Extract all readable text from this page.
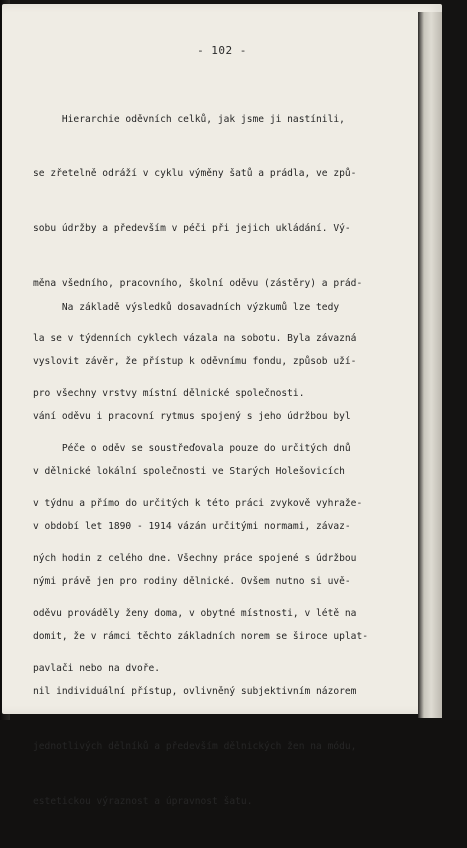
- 102 -

Hierarchie oděvních celků, jak jsme ji nastínili,

se zřetelně odráží v cyklu výměny šatů a prádla, ve způ-

sobu údržby a především v péči při jejich ukládání. Vý-

měna všedního, pracovního, školní oděvu (zástěry) a prád-

la se v týdenních cyklech vázala na sobotu. Byla závazná

pro všechny vrstvy místní dělnické společnosti.

Péče o oděv se soustřeďovala pouze do určitých dnů

v týdnu a přímo do určitých k této práci zvykově vyhraže-

ných hodin z celého dne. Všechny práce spojené s údržbou

oděvu prováděly ženy doma, v obytné místnosti, v létě na

pavlači nebo na dvoře.

Na základě výsledků dosavadních výzkumů lze tedy

vyslovit závěr, že přístup k oděvnímu fondu, způsob uží-

vání oděvu i pracovní rytmus spojený s jeho údržbou byl

v dělnické lokální společnosti ve Starých Holešovicích

v období let 1890 - 1914 vázán určitými normami, závaz-

nými právě jen pro rodiny dělnické. Ovšem nutno si uvě-

domit, že v rámci těchto základních norem se široce uplat-

nil individuální přístup, ovlivněný subjektivním názorem

jednotlivých dělníků a především dělnických žen na módu,

estetickou výraznost a úpravnost šatu.
